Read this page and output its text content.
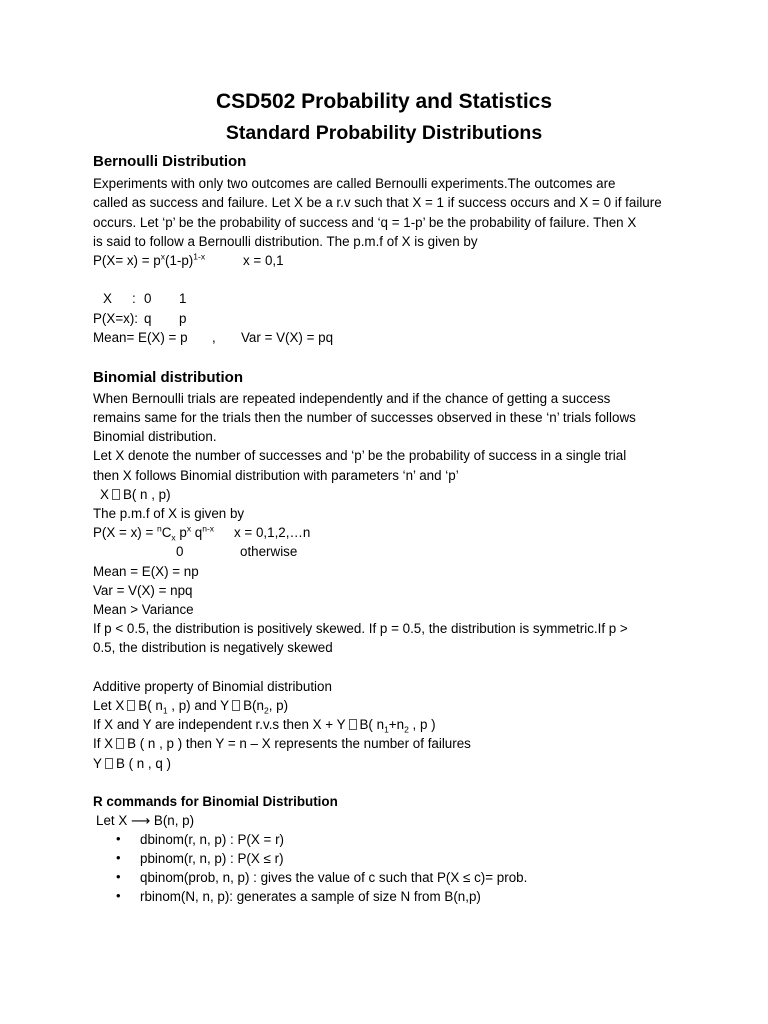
CSD502 Probability and Statistics
Standard Probability Distributions
Bernoulli Distribution
Experiments with only two outcomes are called Bernoulli experiments.The outcomes are
called as success and failure. Let X be a r.v such that X = 1 if success occurs and X = 0 if failure
occurs. Let ‘p’ be the probability of success and ‘q = 1-p’ be the probability of failure. Then X
is said to follow a Bernoulli distribution. The p.m.f of X is given by
$P(X= x) = p^x(1-p)^{1-x}$	x = 0,1
X : 0 1
P(X=x): q p
Mean= E(X) = p , Var = V(X) = pq
Binomial distribution
When Bernoulli trials are repeated independently and if the chance of getting a success
remains same for the trials then the number of successes observed in these ‘n’ trials follows
Binomial distribution.
Let X denote the number of successes and ‘p’ be the probability of success in a single trial
then X follows Binomial distribution with parameters ‘n’ and ‘p’
X B( n , p)
The p.m.f of X is given by
$P(X = x) = ^nC_x$ $p^x$ $q^{n-x}$ x = 0,1,2,…n
0	otherwise
Mean = E(X) = np
Var = V(X) = npq
Mean > Variance
If p < 0.5, the distribution is positively skewed. If p = 0.5, the distribution is symmetric.If p >
0.5, the distribution is negatively skewed
Additive property of Binomial distribution
Let X B( $n_1$ , p) and Y $B(n_2$, p)
If X and Y are independent r.v.s then X + Y B( $n_1+n_2$ , p )
If X B ( n , p ) then Y = n – X represents the number of failures
Y B ( n , q )
R commands for Binomial Distribution
Let X ⟶ B(n, p)
• dbinom(r, n, p) : P(X = r)
• pbinom(r, n, p) : P(X ≤ r)
• qbinom(prob, n, p) : gives the value of c such that P(X ≤ c)= prob.
• rbinom(N, n, p): generates a sample of size N from B(n,p)
